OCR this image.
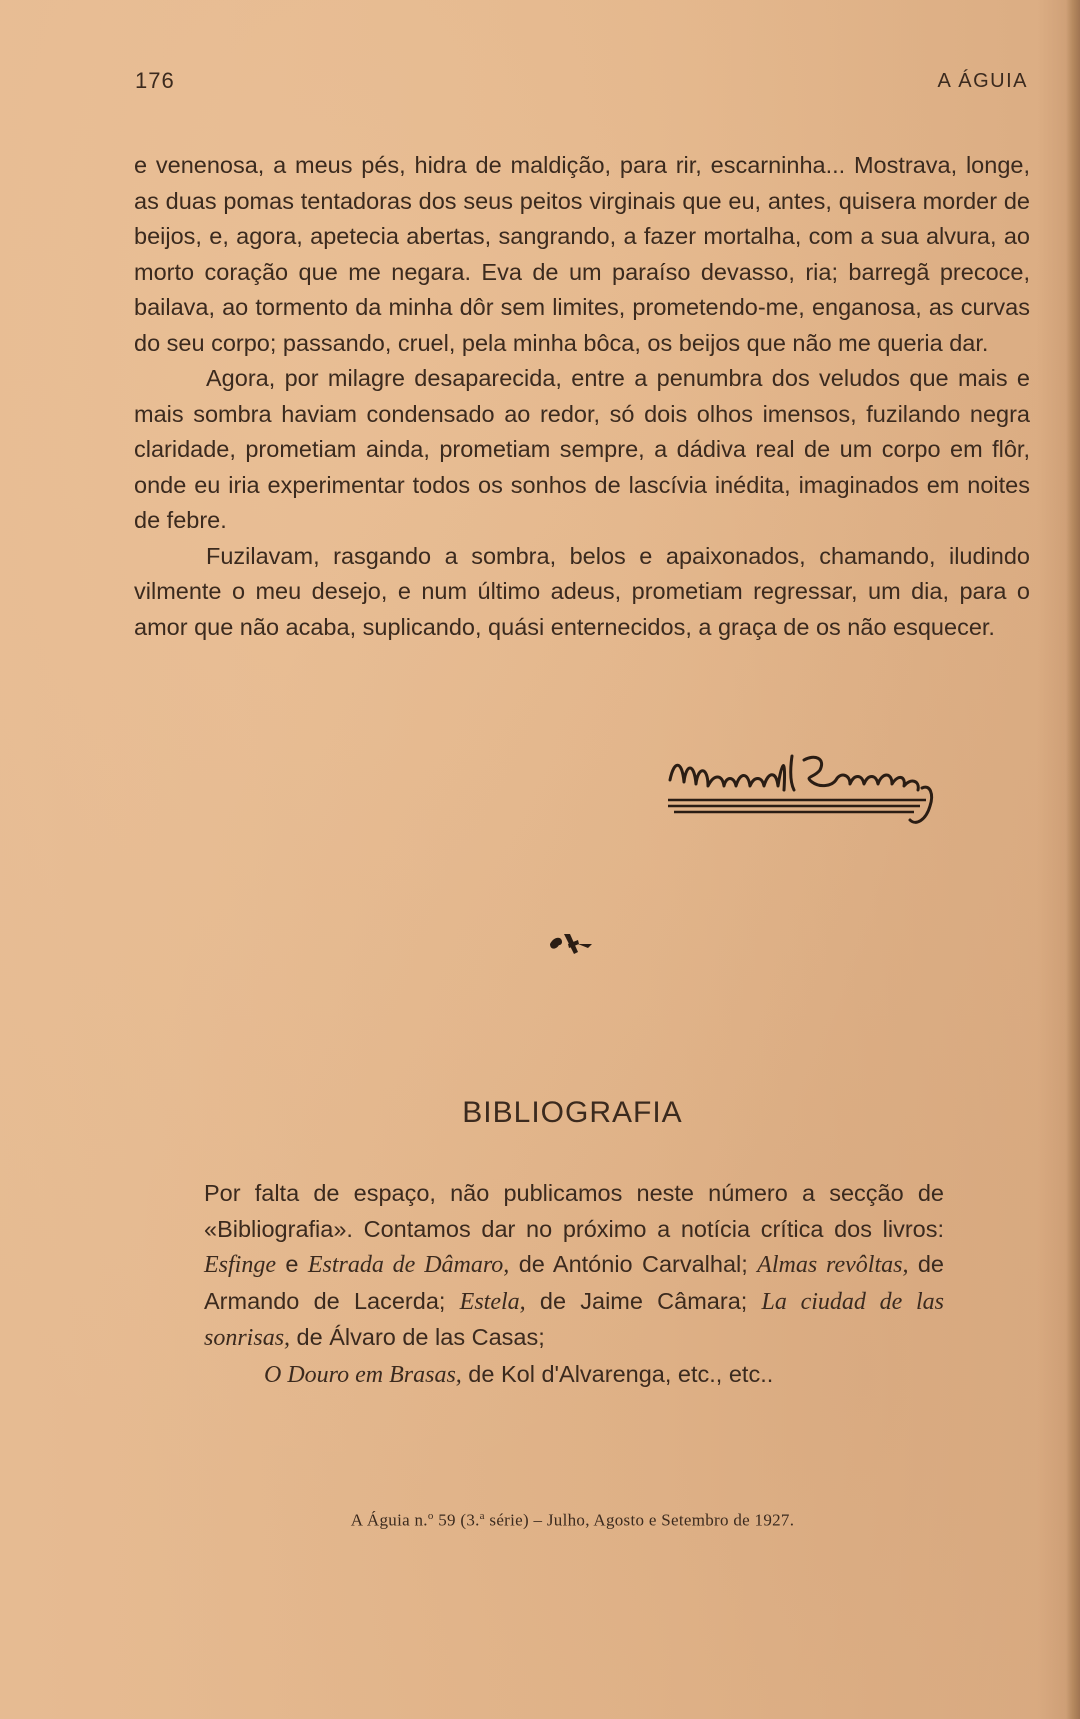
176	A ÁGUIA

e venenosa, a meus pés, hidra de maldição, para rir, escarninha... Mostrava, longe, as duas pomas tentadoras dos seus peitos virginais que eu, antes, quisera morder de beijos, e, agora, apetecia abertas, sangrando, a fazer mortalha, com a sua alvura, ao morto coração que me negara. Eva de um paraíso devasso, ria; barregã precoce, bailava, ao tormento da minha dôr sem limites, prometendo-me, enganosa, as curvas do seu corpo; passando, cruel, pela minha bôca, os beijos que não me queria dar.

Agora, por milagre desaparecida, entre a penumbra dos veludos que mais e mais sombra haviam condensado ao redor, só dois olhos imensos, fuzilando negra claridade, prometiam ainda, prometiam sempre, a dádiva real de um corpo em flôr, onde eu iria experimentar todos os sonhos de lascívia inédita, imaginados em noites de febre.

Fuzilavam, rasgando a sombra, belos e apaixonados, chamando, iludindo vilmente o meu desejo, e num último adeus, prometiam regressar, um dia, para o amor que não acaba, suplicando, quási enternecidos, a graça de os não esquecer.

Manoel Ramos
BIBLIOGRAFIA
Por falta de espaço, não publicamos neste número a secção de «Bibliografia». Contamos dar no próximo a notícia crítica dos livros: Esfinge e Estrada de Dâmaro, de António Carvalhal; Almas revôltas, de Armando de Lacerda; Estela, de Jaime Câmara; La ciudad de las sonrisas, de Álvaro de las Casas;
O Douro em Brasas, de Kol d'Alvarenga, etc., etc..
A Águia n.$^o$ 59 (3.$^a$ série) – Julho, Agosto e Setembro de 1927.
